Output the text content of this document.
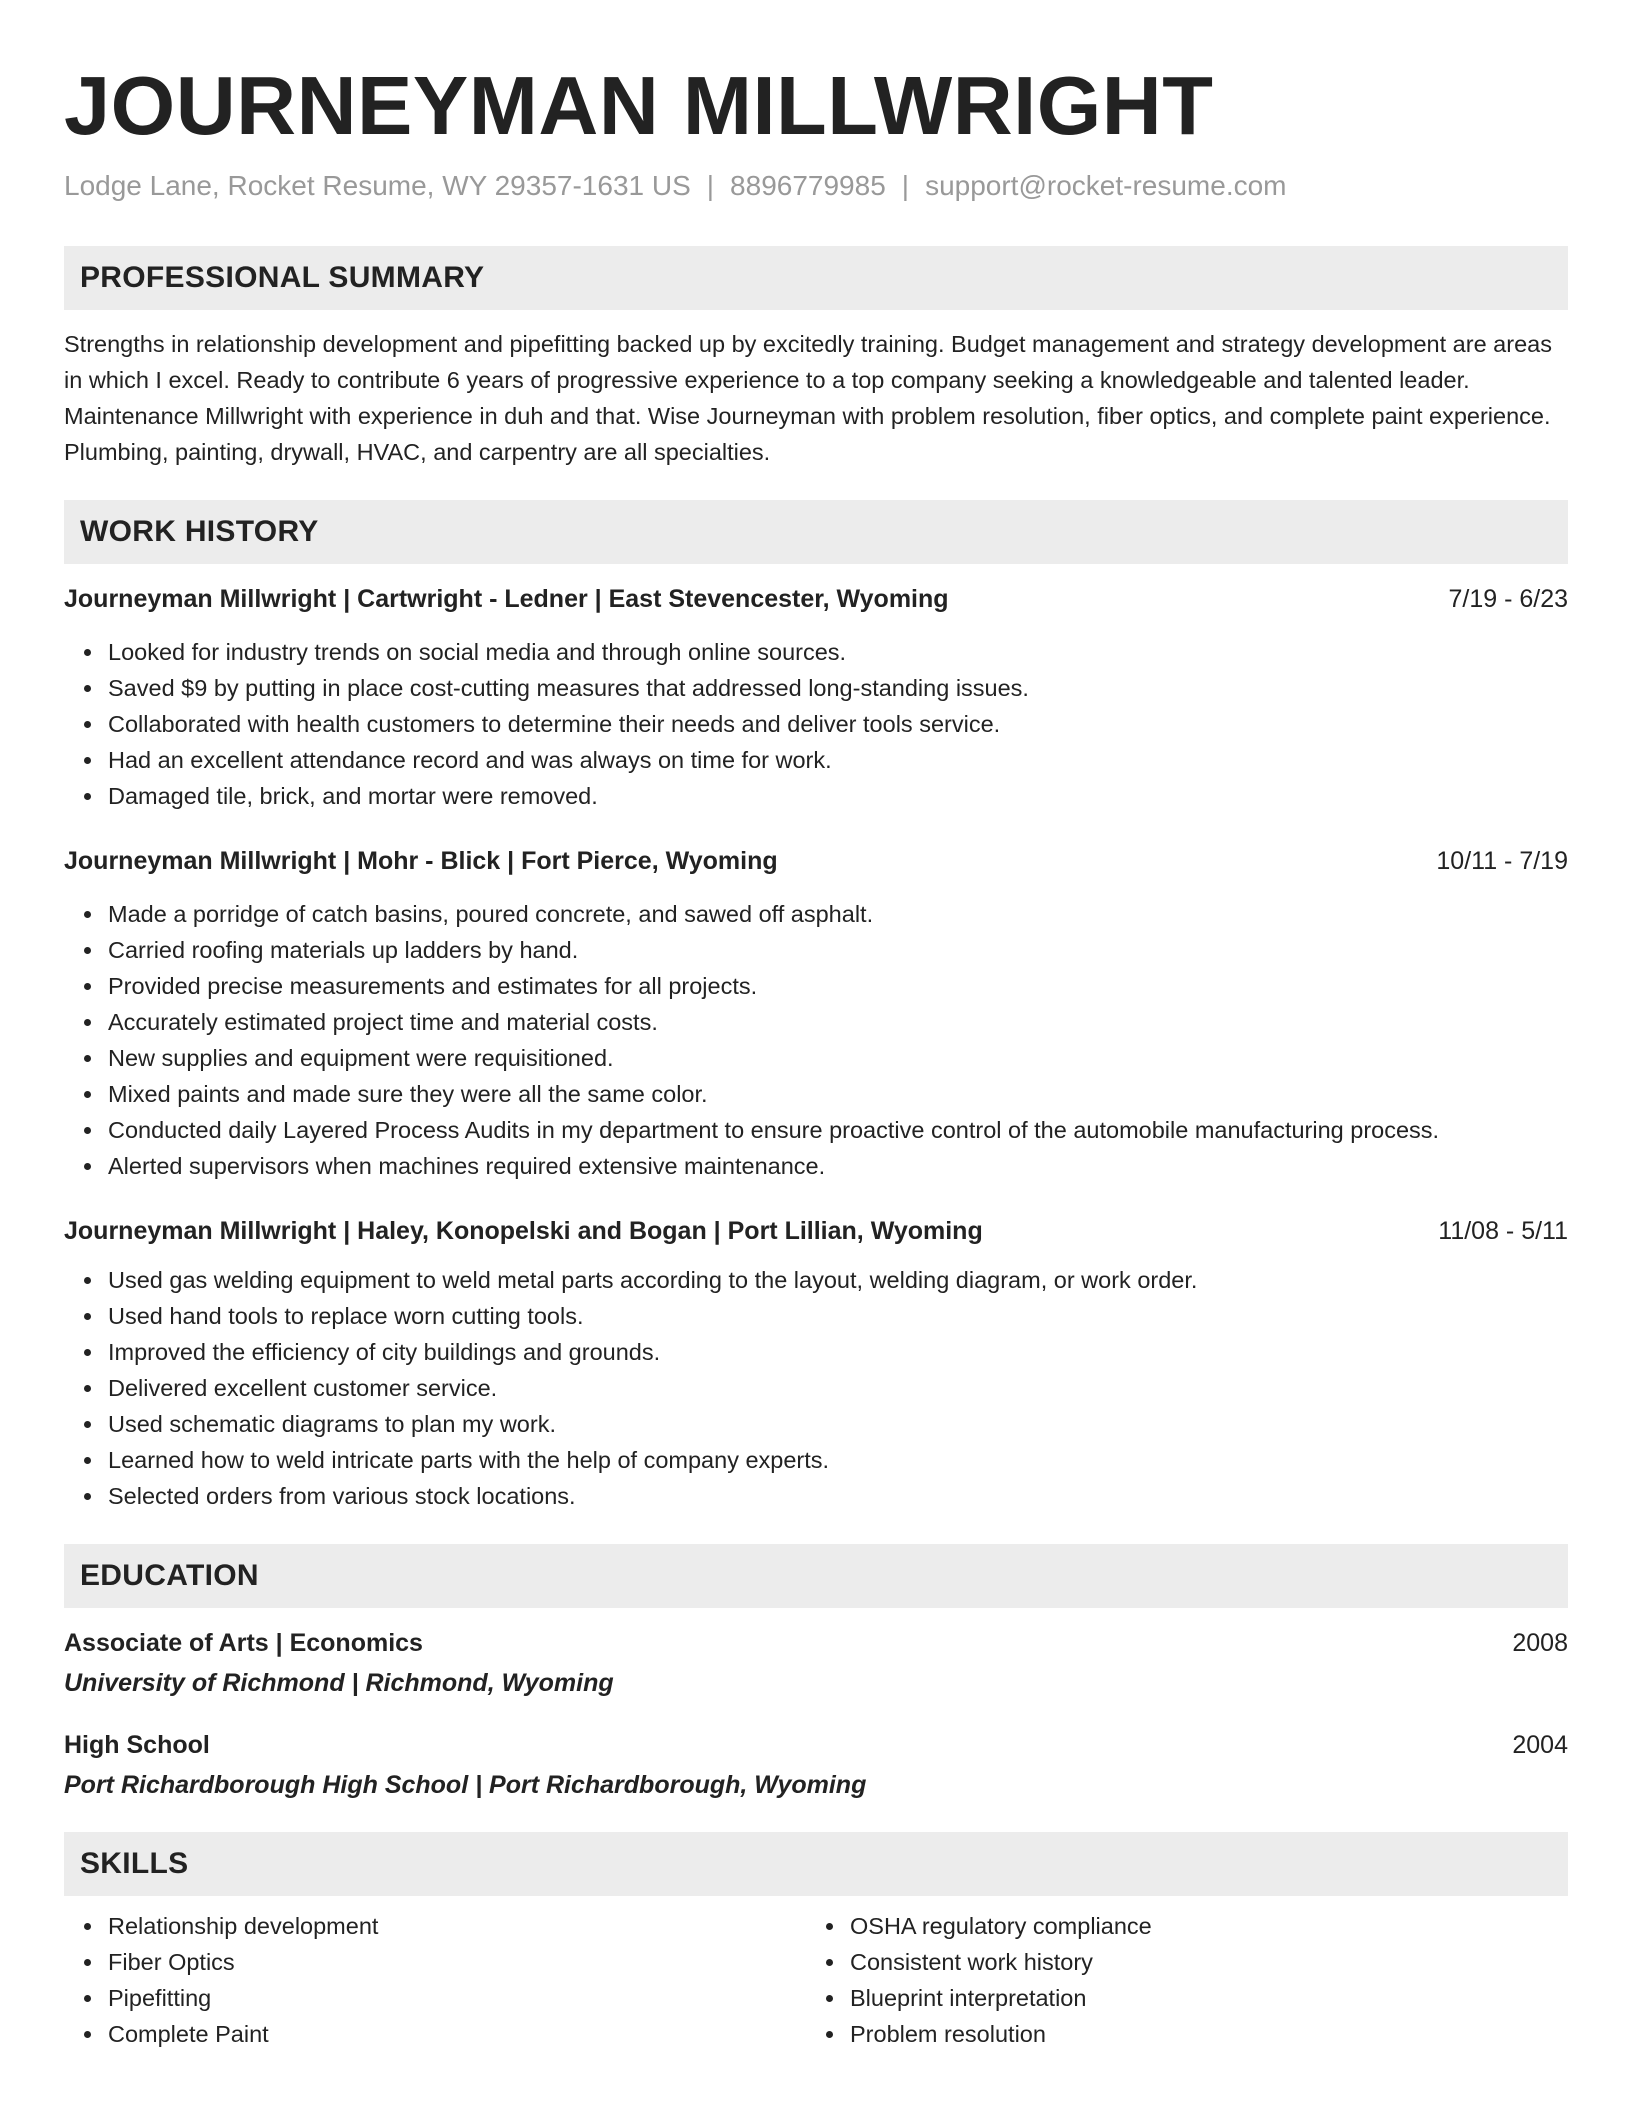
JOURNEYMAN MILLWRIGHT
Lodge Lane, Rocket Resume, WY 29357-1631 US | 8896779985 | support@rocket-resume.com
PROFESSIONAL SUMMARY

Strengths in relationship development and pipefitting backed up by excitedly training. Budget management and strategy development are areas in which I excel. Ready to contribute 6 years of progressive experience to a top company seeking a knowledgeable and talented leader. Maintenance Millwright with experience in duh and that. Wise Journeyman with problem resolution, fiber optics, and complete paint experience. Plumbing, painting, drywall, HVAC, and carpentry are all specialties.

WORK HISTORY
Journeyman Millwright | Cartwright - Ledner | East Stevencester, Wyoming	7/19 - 6/23
Looked for industry trends on social media and through online sources.
Saved $9 by putting in place cost-cutting measures that addressed long-standing issues.
Collaborated with health customers to determine their needs and deliver tools service.
Had an excellent attendance record and was always on time for work.
Damaged tile, brick, and mortar were removed.
Journeyman Millwright | Mohr - Blick | Fort Pierce, Wyoming	10/11 - 7/19
Made a porridge of catch basins, poured concrete, and sawed off asphalt.
Carried roofing materials up ladders by hand.
Provided precise measurements and estimates for all projects.
Accurately estimated project time and material costs.
New supplies and equipment were requisitioned.
Mixed paints and made sure they were all the same color.
Conducted daily Layered Process Audits in my department to ensure proactive control of the automobile manufacturing process.
Alerted supervisors when machines required extensive maintenance.
Journeyman Millwright | Haley, Konopelski and Bogan | Port Lillian, Wyoming	11/08 - 5/11
Used gas welding equipment to weld metal parts according to the layout, welding diagram, or work order.
Used hand tools to replace worn cutting tools.
Improved the efficiency of city buildings and grounds.
Delivered excellent customer service.
Used schematic diagrams to plan my work.
Learned how to weld intricate parts with the help of company experts.
Selected orders from various stock locations.
EDUCATION
Associate of Arts | Economics	2008
University of Richmond | Richmond, Wyoming
High School	2004
Port Richardborough High School | Port Richardborough, Wyoming
SKILLS
Relationship development
Fiber Optics
Pipefitting
Complete Paint
OSHA regulatory compliance
Consistent work history
Blueprint interpretation
Problem resolution
